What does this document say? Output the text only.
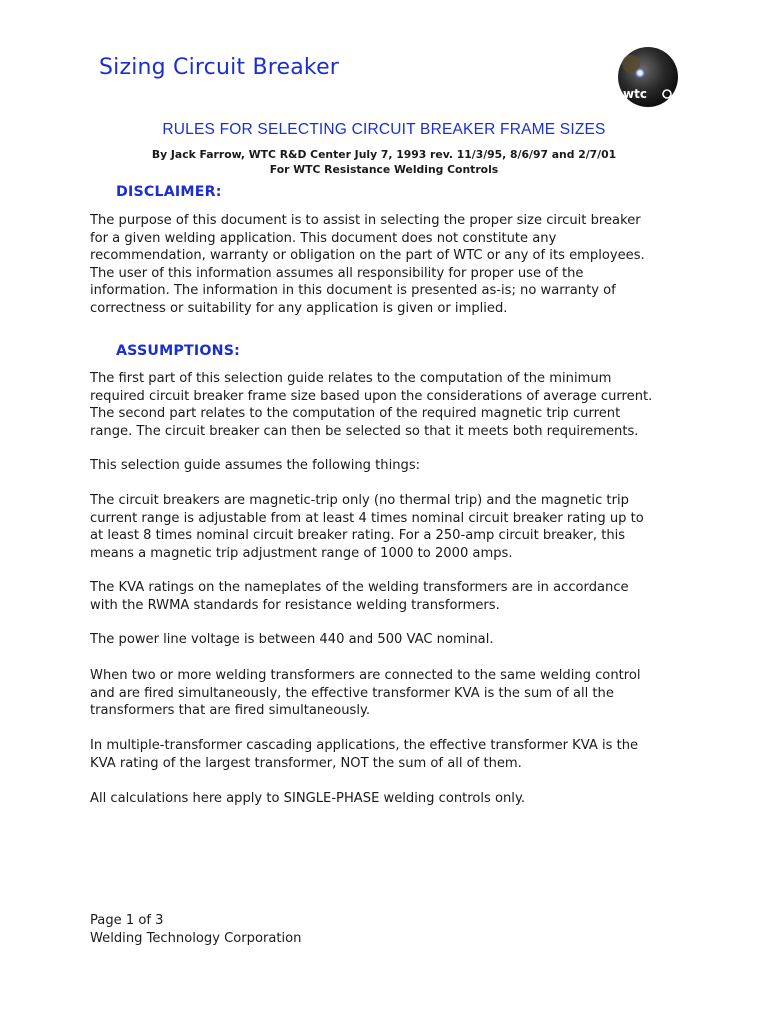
Sizing Circuit Breaker
wtc
RULES FOR SELECTING CIRCUIT BREAKER FRAME SIZES

By Jack Farrow, WTC R&D Center July 7, 1993 rev. 11/3/95, 8/6/97 and 2/7/01

For WTC Resistance Welding Controls

DISCLAIMER:

The purpose of this document is to assist in selecting the proper size circuit breaker
for a given welding application. This document does not constitute any
recommendation, warranty or obligation on the part of WTC or any of its employees.
The user of this information assumes all responsibility for proper use of the
information. The information in this document is presented as-is; no warranty of
correctness or suitability for any application is given or implied.

ASSUMPTIONS:

The first part of this selection guide relates to the computation of the minimum
required circuit breaker frame size based upon the considerations of average current.
The second part relates to the computation of the required magnetic trip current
range. The circuit breaker can then be selected so that it meets both requirements.

This selection guide assumes the following things:

The circuit breakers are magnetic-trip only (no thermal trip) and the magnetic trip
current range is adjustable from at least 4 times nominal circuit breaker rating up to
at least 8 times nominal circuit breaker rating. For a 250-amp circuit breaker, this
means a magnetic trip adjustment range of 1000 to 2000 amps.

The KVA ratings on the nameplates of the welding transformers are in accordance
with the RWMA standards for resistance welding transformers.

The power line voltage is between 440 and 500 VAC nominal.

When two or more welding transformers are connected to the same welding control
and are fired simultaneously, the effective transformer KVA is the sum of all the
transformers that are fired simultaneously.

In multiple-transformer cascading applications, the effective transformer KVA is the
KVA rating of the largest transformer, NOT the sum of all of them.

All calculations here apply to SINGLE-PHASE welding controls only.

Page 1 of 3

Welding Technology Corporation
